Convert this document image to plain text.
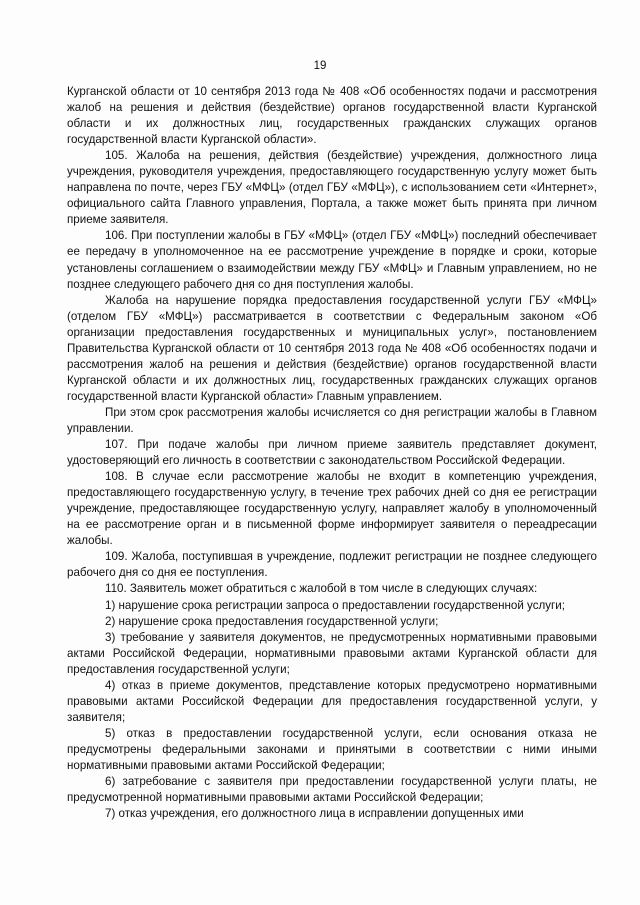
19

Курганской области от 10 сентября 2013 года № 408 «Об особенностях подачи и рассмотрения жалоб на решения и действия (бездействие) органов государственной власти Курганской области и их должностных лиц, государственных гражданских служащих органов государственной власти Курганской области».

105. Жалоба на решения, действия (бездействие) учреждения, должностного лица учреждения, руководителя учреждения, предоставляющего государственную услугу может быть направлена по почте, через ГБУ «МФЦ» (отдел ГБУ «МФЦ»), с использованием сети «Интернет», официального сайта Главного управления, Портала, а также может быть принята при личном приеме заявителя.

106. При поступлении жалобы в ГБУ «МФЦ» (отдел ГБУ «МФЦ») последний обеспечивает ее передачу в уполномоченное на ее рассмотрение учреждение в порядке и сроки, которые установлены соглашением о взаимодействии между ГБУ «МФЦ» и Главным управлением, но не позднее следующего рабочего дня со дня поступления жалобы.

Жалоба на нарушение порядка предоставления государственной услуги ГБУ «МФЦ» (отделом ГБУ «МФЦ») рассматривается в соответствии с Федеральным законом «Об организации предоставления государственных и муниципальных услуг», постановлением Правительства Курганской области от 10 сентября 2013 года № 408 «Об особенностях подачи и рассмотрения жалоб на решения и действия (бездействие) органов государственной власти Курганской области и их должностных лиц, государственных гражданских служащих органов государственной власти Курганской области» Главным управлением.

При этом срок рассмотрения жалобы исчисляется со дня регистрации жалобы в Главном управлении.

107. При подаче жалобы при личном приеме заявитель представляет документ, удостоверяющий его личность в соответствии с законодательством Российской Федерации.

108. В случае если рассмотрение жалобы не входит в компетенцию учреждения, предоставляющего государственную услугу, в течение трех рабочих дней со дня ее регистрации учреждение, предоставляющее государственную услугу, направляет жалобу в уполномоченный на ее рассмотрение орган и в письменной форме информирует заявителя о переадресации жалобы.

109. Жалоба, поступившая в учреждение, подлежит регистрации не позднее следующего рабочего дня со дня ее поступления.

110. Заявитель может обратиться с жалобой в том числе в следующих случаях:

1) нарушение срока регистрации запроса о предоставлении государственной услуги;

2) нарушение срока предоставления государственной услуги;

3) требование у заявителя документов, не предусмотренных нормативными правовыми актами Российской Федерации, нормативными правовыми актами Курганской области для предоставления государственной услуги;

4) отказ в приеме документов, представление которых предусмотрено нормативными правовыми актами Российской Федерации для предоставления государственной услуги, у заявителя;

5) отказ в предоставлении государственной услуги, если основания отказа не предусмотрены федеральными законами и принятыми в соответствии с ними иными нормативными правовыми актами Российской Федерации;

6) затребование с заявителя при предоставлении государственной услуги платы, не предусмотренной нормативными правовыми актами Российской Федерации;

7) отказ учреждения, его должностного лица в исправлении допущенных ими
